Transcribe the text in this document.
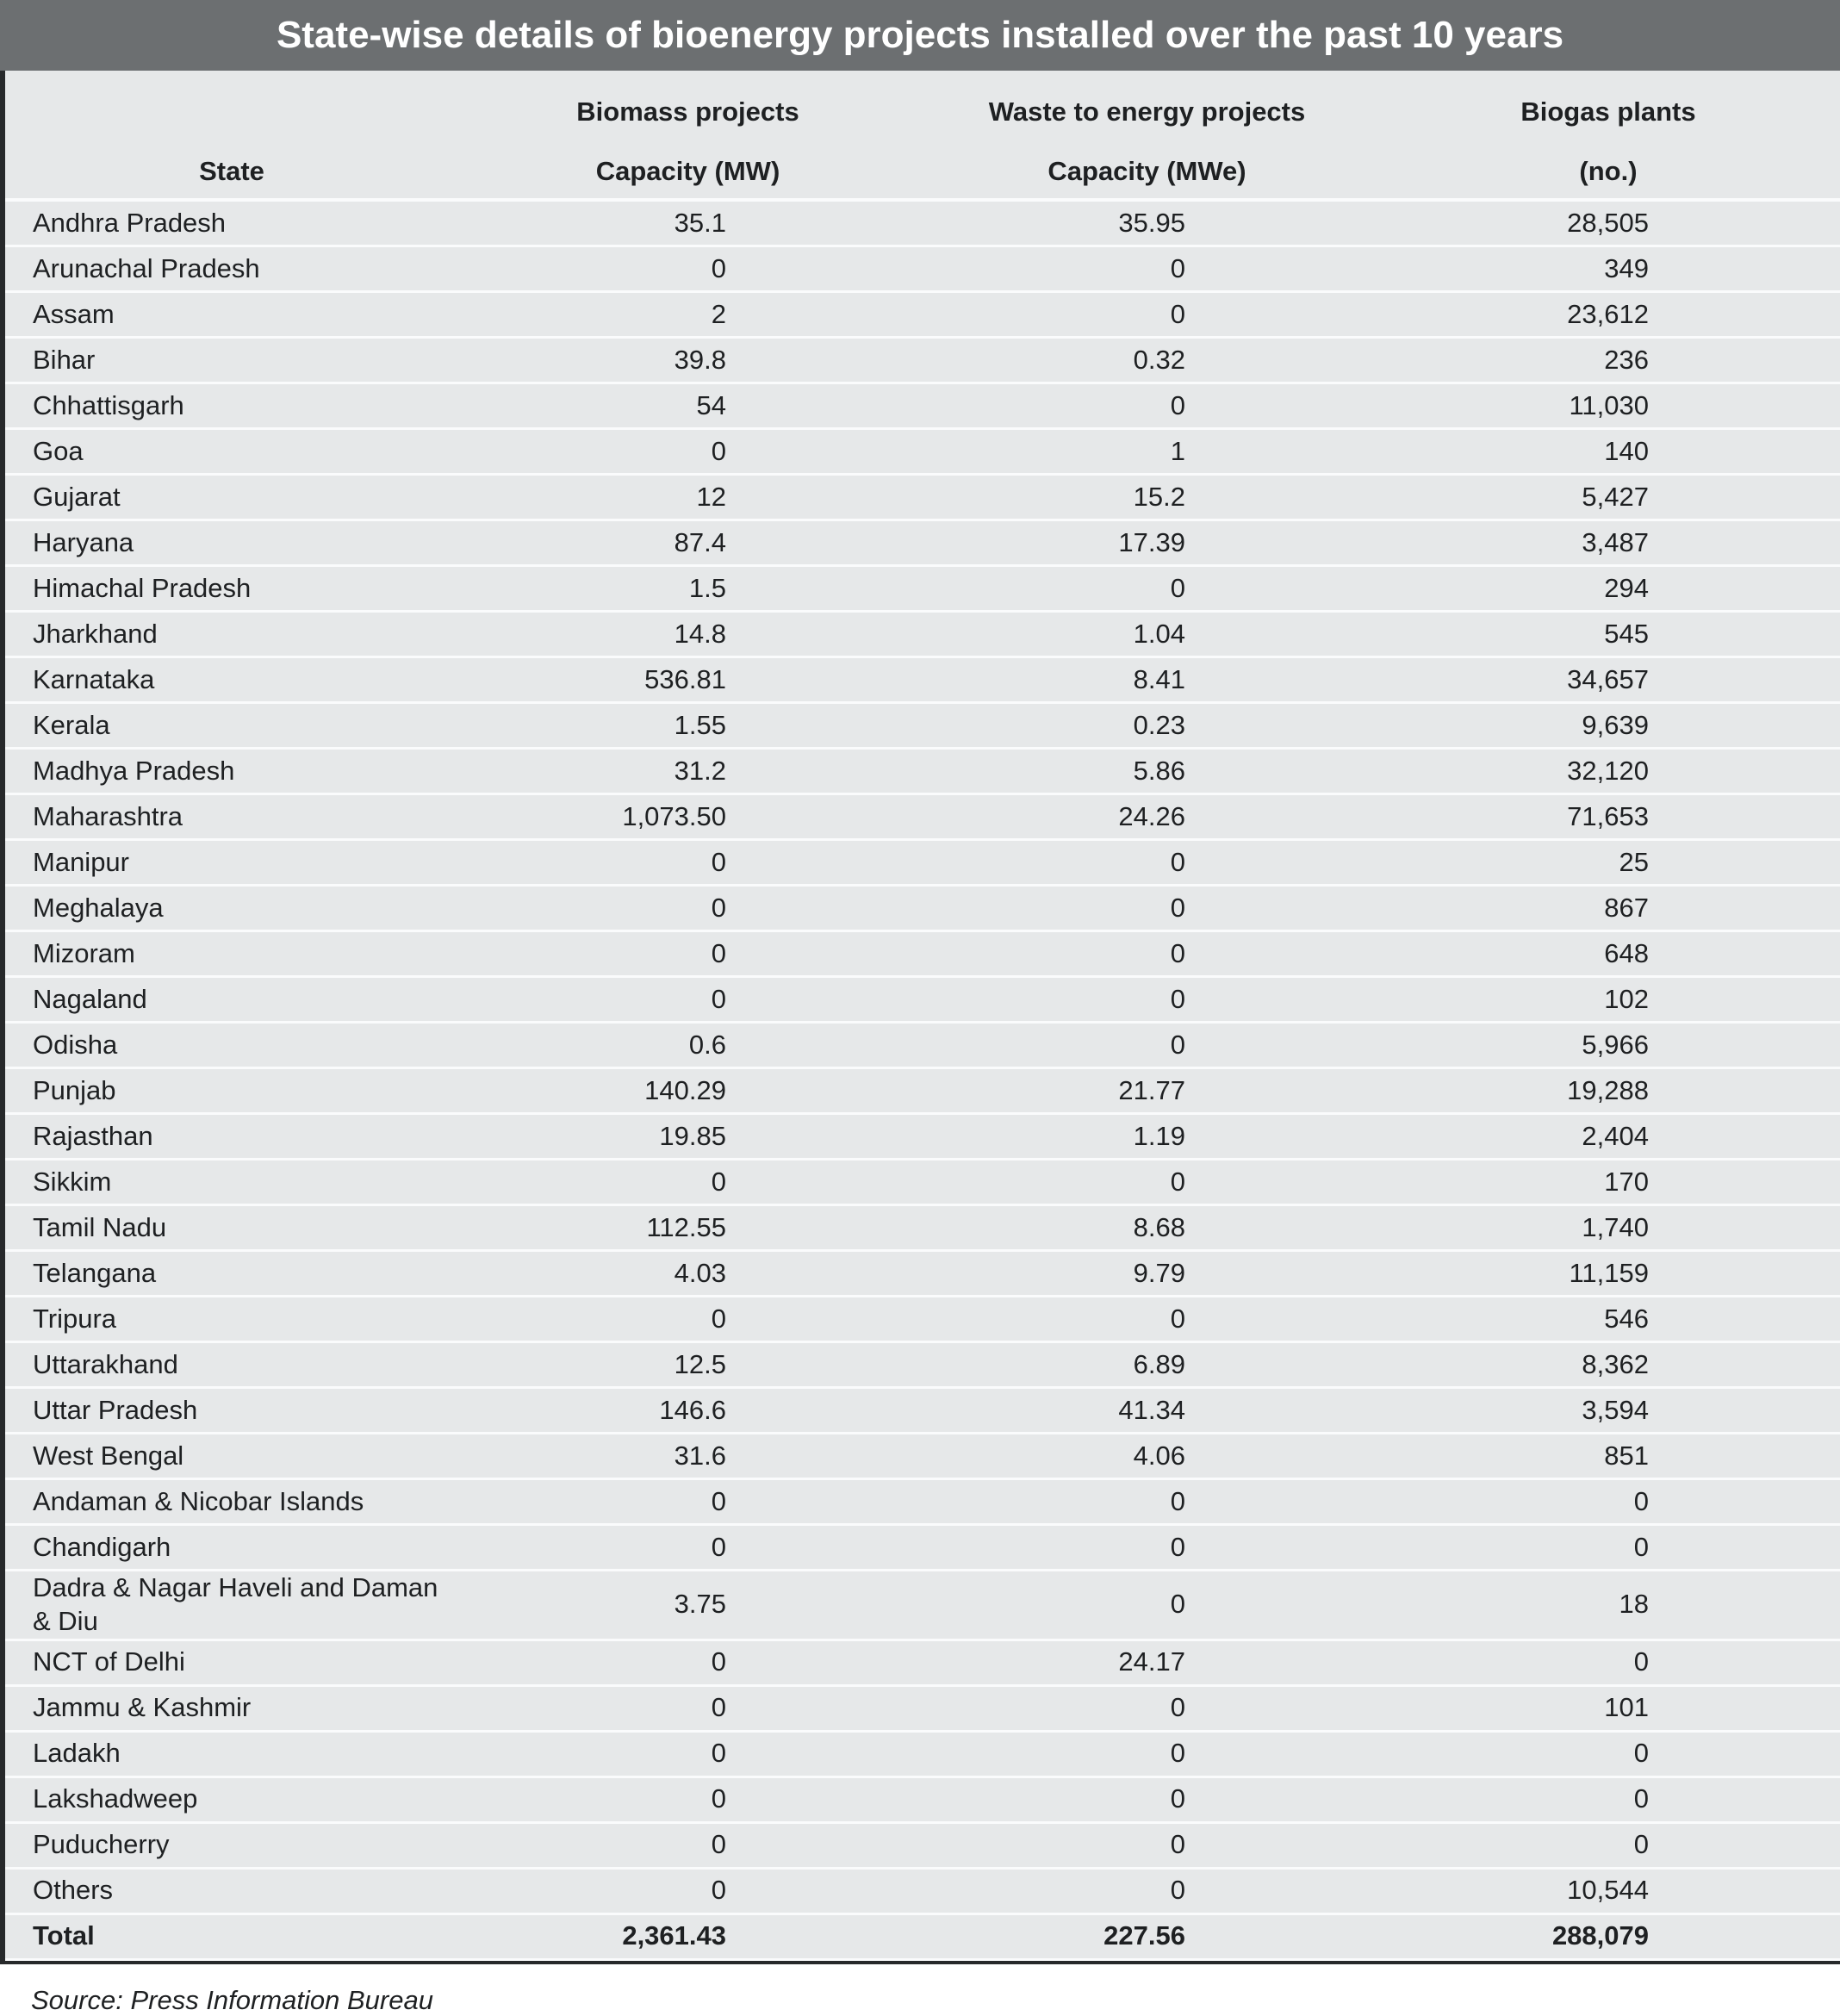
State-wise details of bioenergy projects installed over the past 10 years
	Biomass projects	Waste to energy projects	Biogas plants
State	Capacity (MW)	Capacity (MWe)	(no.)
Andhra Pradesh	35.1	35.95	28,505
Arunachal Pradesh	0	0	349
Assam	2	0	23,612
Bihar	39.8	0.32	236
Chhattisgarh	54	0	11,030
Goa	0	1	140
Gujarat	12	15.2	5,427
Haryana	87.4	17.39	3,487
Himachal Pradesh	1.5	0	294
Jharkhand	14.8	1.04	545
Karnataka	536.81	8.41	34,657
Kerala	1.55	0.23	9,639
Madhya Pradesh	31.2	5.86	32,120
Maharashtra	1,073.50	24.26	71,653
Manipur	0	0	25
Meghalaya	0	0	867
Mizoram	0	0	648
Nagaland	0	0	102
Odisha	0.6	0	5,966
Punjab	140.29	21.77	19,288
Rajasthan	19.85	1.19	2,404
Sikkim	0	0	170
Tamil Nadu	112.55	8.68	1,740
Telangana	4.03	9.79	11,159
Tripura	0	0	546
Uttarakhand	12.5	6.89	8,362
Uttar Pradesh	146.6	41.34	3,594
West Bengal	31.6	4.06	851
Andaman & Nicobar Islands	0	0	0
Chandigarh	0	0	0
Dadra & Nagar Haveli and Daman & Diu	3.75	0	18
NCT of Delhi	0	24.17	0
Jammu & Kashmir	0	0	101
Ladakh	0	0	0
Lakshadweep	0	0	0
Puducherry	0	0	0
Others	0	0	10,544
Total	2,361.43	227.56	288,079
Source: Press Information Bureau
